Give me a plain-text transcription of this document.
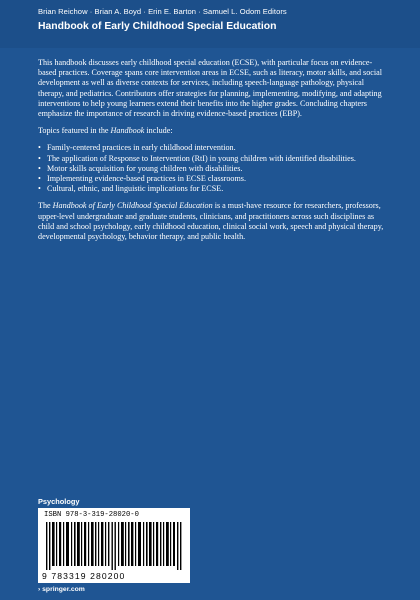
Brian Reichow · Brian A. Boyd · Erin E. Barton · Samuel L. Odom Editors
Handbook of Early Childhood Special Education

This handbook discusses early childhood special education (ECSE), with particular focus on evidence-based practices. Coverage spans core intervention areas in ECSE, such as literacy, motor skills, and social development as well as diverse contexts for services, including speech-language pathology, physical therapy, and pediatrics. Contributors offer strategies for planning, implementing, modifying, and adapting interventions to help young learners extend their benefits into the higher grades. Concluding chapters emphasize the importance of research in driving evidence-based practices (EBP).

Topics featured in the Handbook include:

• Family-centered practices in early childhood intervention.
• The application of Response to Intervention (RtI) in young children with identified disabilities.
• Motor skills acquisition for young children with disabilities.
• Implementing evidence-based practices in ECSE classrooms.
• Cultural, ethnic, and linguistic implications for ECSE.

The Handbook of Early Childhood Special Education is a must-have resource for researchers, professors, upper-level undergraduate and graduate students, clinicians, and practitioners across such disciplines as child and school psychology, early childhood education, clinical social work, speech and physical therapy, developmental psychology, behavior therapy, and public health.

Psychology
ISBN 978-3-319-28020-0
9 783319 280200
› springer.com
